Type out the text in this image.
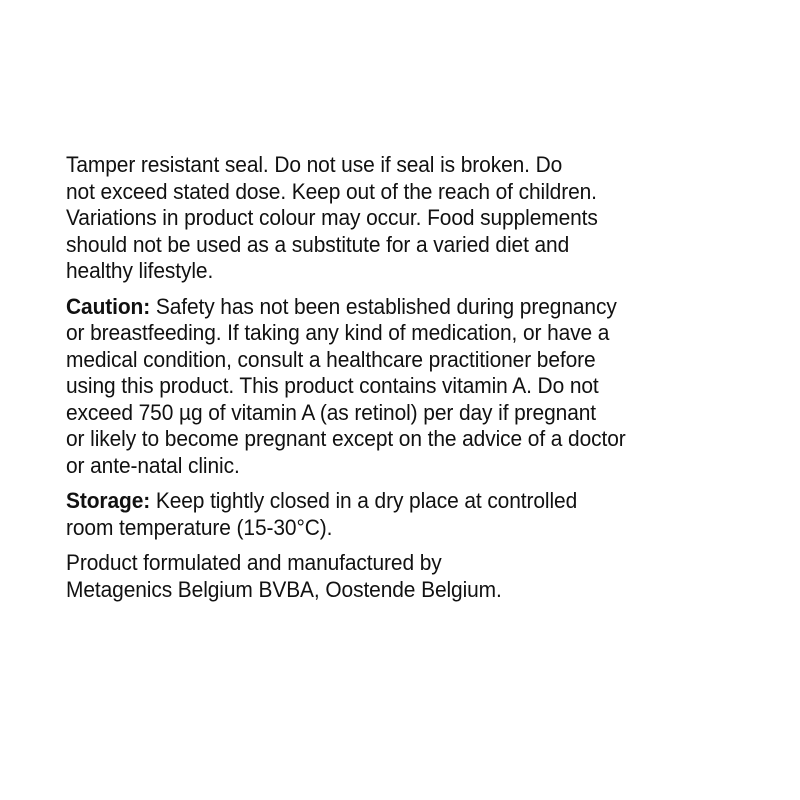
Tamper resistant seal. Do not use if seal is broken. Do
not exceed stated dose. Keep out of the reach of children.
Variations in product colour may occur. Food supplements
should not be used as a substitute for a varied diet and
healthy lifestyle.
Caution: Safety has not been established during pregnancy
or breastfeeding. If taking any kind of medication, or have a
medical condition, consult a healthcare practitioner before
using this product. This product contains vitamin A. Do not
exceed 750 µg of vitamin A (as retinol) per day if pregnant
or likely to become pregnant except on the advice of a doctor
or ante-natal clinic.
Storage: Keep tightly closed in a dry place at controlled
room temperature (15-30°C).
Product formulated and manufactured by
Metagenics Belgium BVBA, Oostende Belgium.
